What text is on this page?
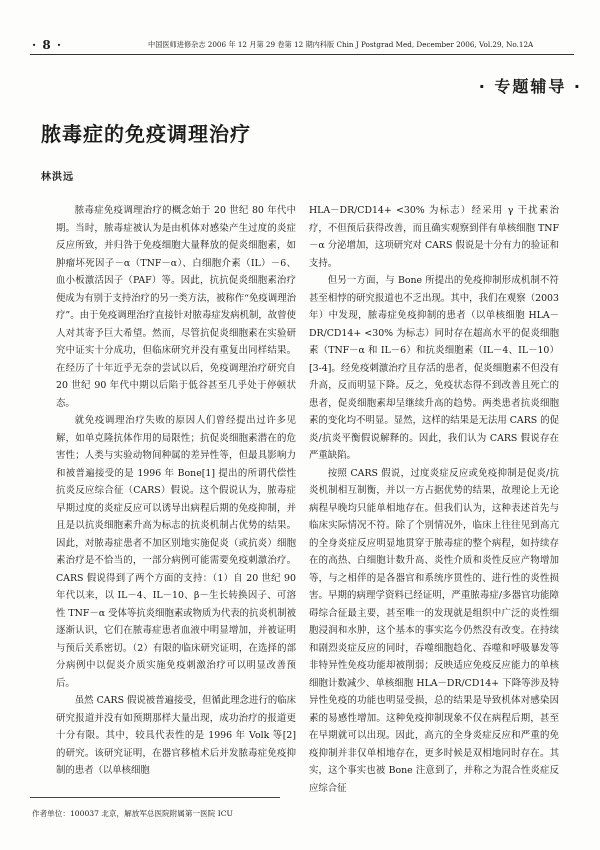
· 8 ·	中国医师进修杂志 2006 年 12 月第 29 卷第 12 期内科版 Chin J Postgrad Med, December 2006, Vol.29, No.12A
· 专题辅导 ·
脓毒症的免疫调理治疗
林洪远

脓毒症免疫调理治疗的概念始于 20 世纪 80 年代中期。当时，脓毒症被认为是由机体对感染产生过度的炎症反应所致，并归咎于免疫细胞大量释放的促炎细胞素，如肿瘤坏死因子－α（TNF－α）、白细胞介素（IL）－6、血小板激活因子（PAF）等。因此，抗抗促炎细胞素治疗便成为有别于支持治疗的另一类方法，被称作“免疫调理治疗”。由于免疫调理治疗直接针对脓毒症发病机制，故曾使人对其寄予巨大希望。然而，尽管抗促炎细胞素在实验研究中证实十分成功，但临床研究并没有重复出同样结果。在经历了十年近乎无奈的尝试以后，免疫调理治疗研究自 20 世纪 90 年代中期以后陷于低谷甚至几乎处于停顿状态。

就免疫调理治疗失败的原因人们曾经提出过许多见解，如单克隆抗体作用的局限性；抗促炎细胞素潜在的危害性；人类与实验动物间种属的差异性等，但最具影响力和被普遍接受的是 1996 年 Bone[1] 提出的所谓代偿性抗炎反应综合征（CARS）假说。这个假说认为，脓毒症早期过度的炎症反应可以诱导出病程后期的免疫抑制，并且是以抗炎细胞素升高为标志的抗炎机制占优势的结果。因此，对脓毒症患者不加区别地实施促炎（或抗炎）细胞素治疗是不恰当的，一部分病例可能需要免疫刺激治疗。CARS 假说得到了两个方面的支持：（1）自 20 世纪 90 年代以来，以 IL－4、IL－10、β－生长转换因子、可溶性 TNF－α 受体等抗炎细胞素或物质为代表的抗炎机制被逐渐认识，它们在脓毒症患者血液中明显增加，并被证明与预后关系密切。（2）有限的临床研究证明，在选择的部分病例中以促炎介质实施免疫刺激治疗可以明显改善预后。

虽然 CARS 假说被普遍接受，但循此理念进行的临床研究报道并没有如预期那样大量出现，成功治疗的报道更十分有限。其中，较具代表性的是 1996 年 Volk 等[2] 的研究。该研究证明，在器官移植术后并发脓毒症免疫抑制的患者（以单核细胞

HLA－DR/CD14+ <30% 为标志）经采用 γ 干扰素治疗，不但预后获得改善，而且确实观察到伴有单核细胞 TNF－α 分泌增加，这项研究对 CARS 假说是十分有力的验证和支持。

但另一方面，与 Bone 所提出的免疫抑制形成机制不符甚至相悖的研究报道也不乏出现。其中，我们在观察（2003 年）中发现，脓毒症免疫抑制的患者（以单核细胞 HLA－DR/CD14+ <30% 为标志）同时存在超高水平的促炎细胞素（TNF－α 和 IL－6）和抗炎细胞素（IL－4、IL－10）[3-4]。经免疫刺激治疗且存活的患者，促炎细胞素不但没有升高，反而明显下降。反之，免疫状态得不到改善且死亡的患者，促炎细胞素却呈继续升高的趋势。两类患者抗炎细胞素的变化均不明显。显然，这样的结果是无法用 CARS 的促炎/抗炎平衡假说解释的。因此，我们认为 CARS 假说存在严重缺陷。

按照 CARS 假说，过度炎症反应或免疫抑制是促炎/抗炎机制相互制衡，并以一方占据优势的结果，故理论上无论病程早晚均只能单相地存在。但我们认为，这种表述首先与临床实际情况不符。除了个别情况外，临床上往往见到高亢的全身炎症反应明显地贯穿于脓毒症的整个病程，如持续存在的高热、白细胞计数升高、炎性介质和炎性反应产物增加等，与之相伴的是各器官和系统序贯性的、进行性的炎性损害。早期的病理学资料已经证明，严重脓毒症/多器官功能障碍综合征最主要，甚至唯一的发现就是组织中广泛的炎性细胞浸润和水肿，这个基本的事实迄今仍然没有改变。在持续和剧烈炎症反应的同时，吞噬细胞趋化、吞噬和呼吸暴发等非特异性免疫功能却被削弱；反映适应免疫反应能力的单核细胞计数减少、单核细胞 HLA－DR/CD14+ 下降等涉及特异性免疫的功能也明显受损，总的结果是导致机体对感染因素的易感性增加。这种免疫抑制现象不仅在病程后期，甚至在早期就可以出现。因此，高亢的全身炎症反应和严重的免疫抑制并非仅单相地存在，更多时候是双相地同时存在。其实，这个事实也被 Bone 注意到了，并称之为混合性炎症反应综合征

作者单位：100037 北京，解放军总医院附属第一医院 ICU
